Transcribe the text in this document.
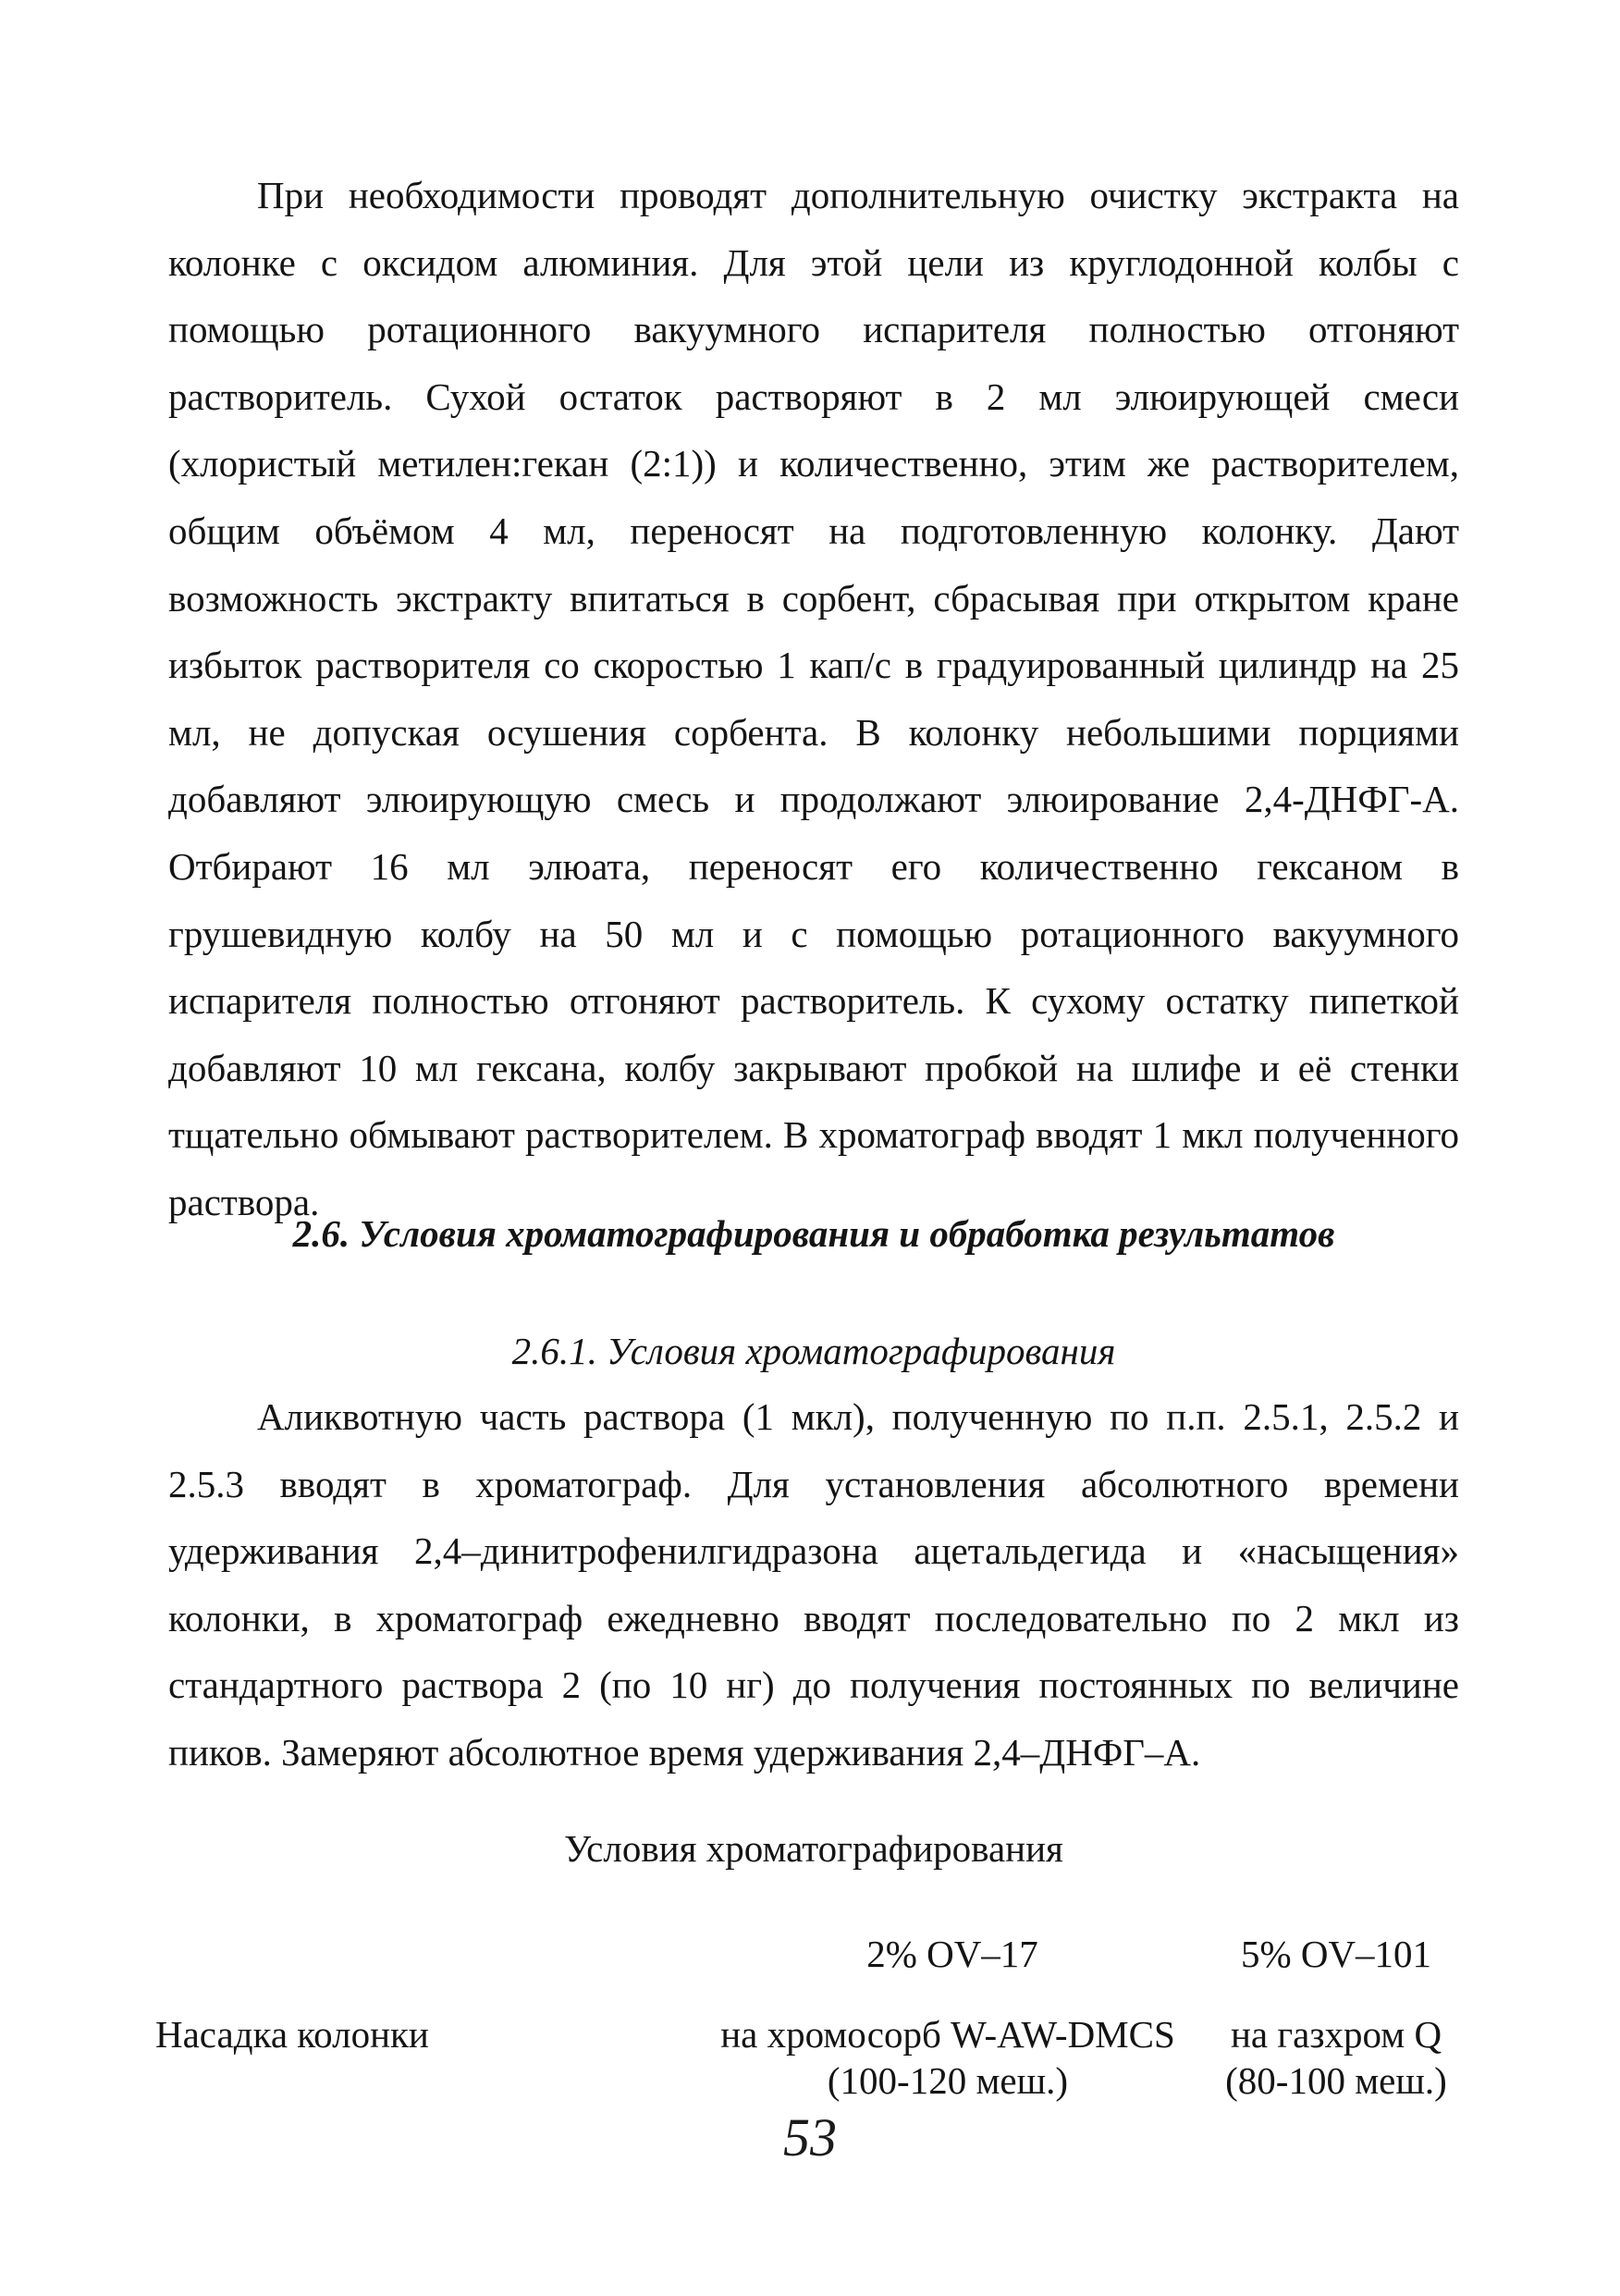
При необходимости проводят дополнительную очистку экстракта на колонке с оксидом алюминия. Для этой цели из круглодонной колбы с помощью ротационного вакуумного испарителя полностью отгоняют растворитель. Сухой остаток растворяют в 2 мл элюирующей смеси (хлористый метилен:гекан (2:1)) и количественно, этим же растворителем, общим объёмом 4 мл, переносят на подготовленную колонку. Дают возможность экстракту впитаться в сорбент, сбрасывая при открытом кране избыток растворителя со скоростью 1 кап/с в градуированный цилиндр на 25 мл, не допуская осушения сорбента. В колонку небольшими порциями добавляют элюирующую смесь и продолжают элюирование 2,4-ДНФГ-А. Отбирают 16 мл элюата, переносят его количественно гексаном в грушевидную колбу на 50 мл и с помощью ротационного вакуумного испарителя полностью отгоняют растворитель. К сухому остатку пипеткой добавляют 10 мл гексана, колбу закрывают пробкой на шлифе и её стенки тщательно обмывают растворителем. В хроматограф вводят 1 мкл полученного раствора.
2.6. Условия хроматографирования и обработка результатов
2.6.1. Условия хроматографирования
Аликвотную часть раствора (1 мкл), полученную по п.п. 2.5.1, 2.5.2 и 2.5.3 вводят в хроматограф. Для установления абсолютного времени удерживания 2,4–динитрофенилгидразона ацетальдегида и «насыщения» колонки, в хроматограф ежедневно вводят последовательно по 2 мкл из стандартного раствора 2 (по 10 нг) до получения постоянных по величине пиков. Замеряют абсолютное время удерживания 2,4–ДНФГ–А.
Условия хроматографирования
2% OV–17	5% OV–101
Насадка колонки	на хромосорб W-AW-DMCS
(100-120 меш.)
на газхром Q
(80-100 меш.)
53
